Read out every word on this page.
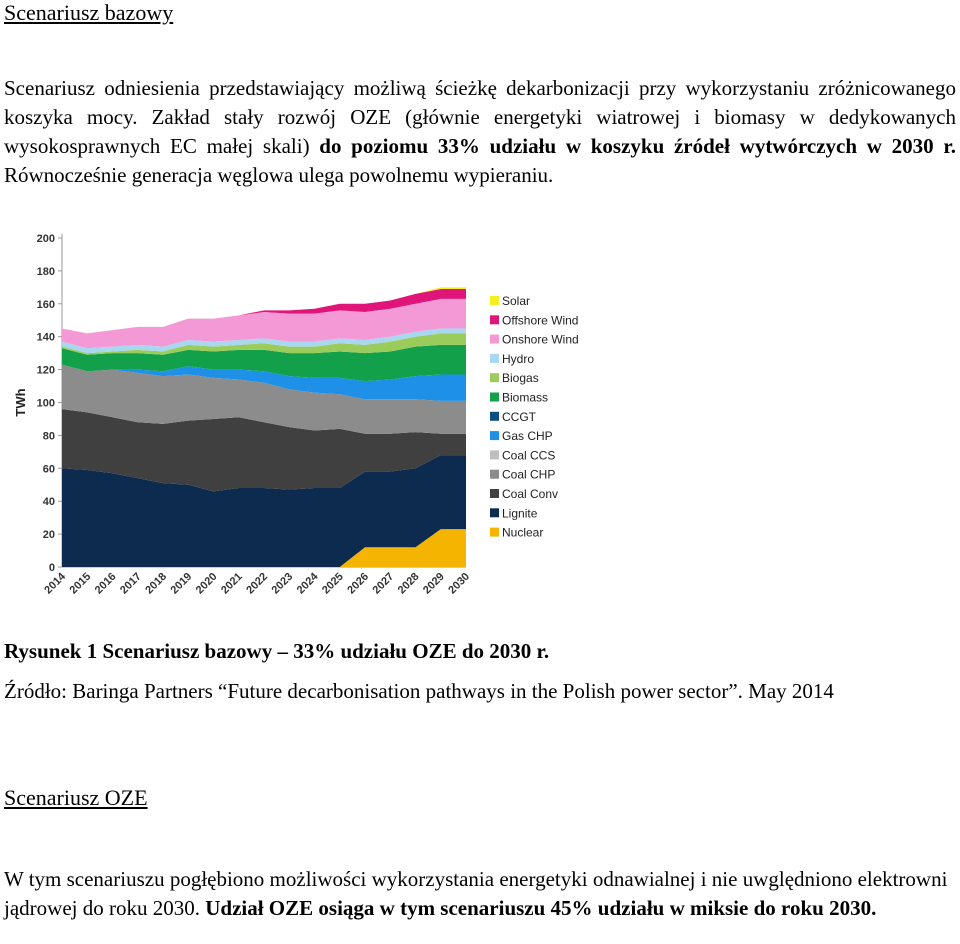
Scenariusz bazowy

Scenariusz odniesienia przedstawiający możliwą ścieżkę dekarbonizacji przy wykorzystaniu zróżnicowanego koszyka mocy. Zakład stały rozwój OZE (głównie energetyki wiatrowej i biomasy w dedykowanych wysokosprawnych EC małej skali) do poziomu 33% udziału w koszyku źródeł wytwórczych w 2030 r. Równocześnie generacja węglowa ulega powolnemu wypieraniu.

0
20
40
60
80
100
120
140
160
180
200
TWh
2014 2015 2016 2017 2018 2019 2020 2021 2022 2023 2024 2025 2026 2027 2028 2029 2030
Solar
Offshore Wind
Onshore Wind
Hydro
Biogas
Biomass
CCGT
Gas CHP
Coal CCS
Coal CHP
Coal Conv
Lignite
Nuclear

Rysunek 1 Scenariusz bazowy – 33% udziału OZE do 2030 r.

Źródło: Baringa Partners “Future decarbonisation pathways in the Polish power sector”. May 2014

Scenariusz OZE

W tym scenariuszu pogłębiono możliwości wykorzystania energetyki odnawialnej i nie uwględniono elektrowni jądrowej do roku 2030. Udział OZE osiąga w tym scenariuszu 45% udziału w miksie do roku 2030.
